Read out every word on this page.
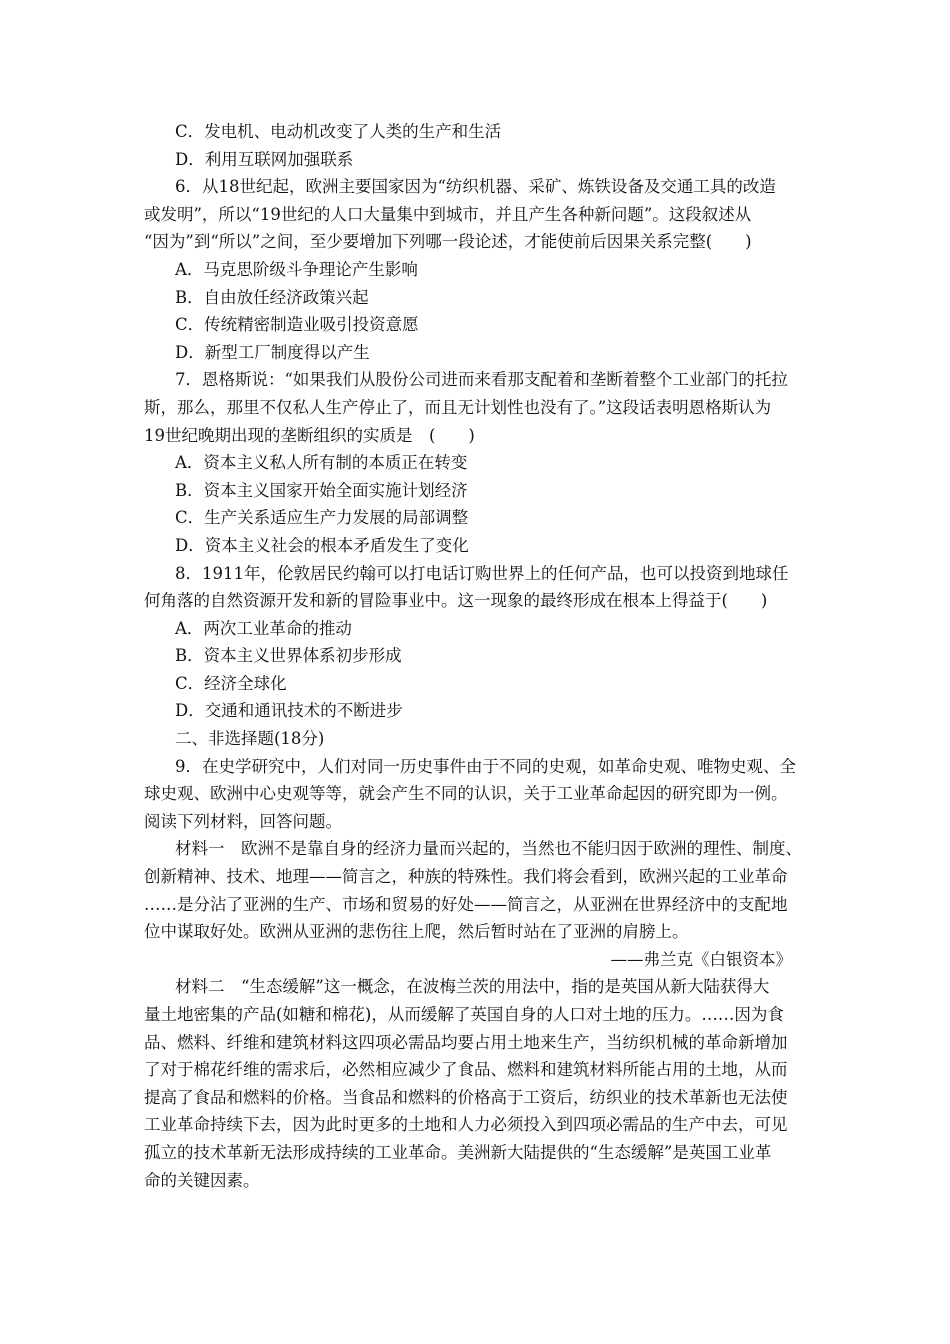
C．发电机、电动机改变了人类的生产和生活
D．利用互联网加强联系
6．从18世纪起，欧洲主要国家因为“纺织机器、采矿、炼铁设备及交通工具的改造
或发明”，所以“19世纪的人口大量集中到城市，并且产生各种新问题”。这段叙述从
“因为”到“所以”之间，至少要增加下列哪一段论述，才能使前后因果关系完整(　　)
A．马克思阶级斗争理论产生影响
B．自由放任经济政策兴起
C．传统精密制造业吸引投资意愿
D．新型工厂制度得以产生
7．恩格斯说：“如果我们从股份公司进而来看那支配着和垄断着整个工业部门的托拉
斯，那么，那里不仅私人生产停止了，而且无计划性也没有了。”这段话表明恩格斯认为
19世纪晚期出现的垄断组织的实质是　(　　)
A．资本主义私人所有制的本质正在转变
B．资本主义国家开始全面实施计划经济
C．生产关系适应生产力发展的局部调整
D．资本主义社会的根本矛盾发生了变化
8．1911年，伦敦居民约翰可以打电话订购世界上的任何产品，也可以投资到地球任
何角落的自然资源开发和新的冒险事业中。这一现象的最终形成在根本上得益于(　　)
A．两次工业革命的推动
B．资本主义世界体系初步形成
C．经济全球化
D．交通和通讯技术的不断进步
二、非选择题(18分)
9．在史学研究中，人们对同一历史事件由于不同的史观，如革命史观、唯物史观、全
球史观、欧洲中心史观等等，就会产生不同的认识，关于工业革命起因的研究即为一例。
阅读下列材料，回答问题。
材料一　欧洲不是靠自身的经济力量而兴起的，当然也不能归因于欧洲的理性、制度、
创新精神、技术、地理——简言之，种族的特殊性。我们将会看到，欧洲兴起的工业革命
……是分沾了亚洲的生产、市场和贸易的好处——简言之，从亚洲在世界经济中的支配地
位中谋取好处。欧洲从亚洲的悲伤往上爬，然后暂时站在了亚洲的肩膀上。
——弗兰克《白银资本》
材料二　“生态缓解”这一概念，在波梅兰茨的用法中，指的是英国从新大陆获得大
量土地密集的产品(如糖和棉花)，从而缓解了英国自身的人口对土地的压力。……因为食
品、燃料、纤维和建筑材料这四项必需品均要占用土地来生产，当纺织机械的革命新增加
了对于棉花纤维的需求后，必然相应减少了食品、燃料和建筑材料所能占用的土地，从而
提高了食品和燃料的价格。当食品和燃料的价格高于工资后，纺织业的技术革新也无法使
工业革命持续下去，因为此时更多的土地和人力必须投入到四项必需品的生产中去，可见
孤立的技术革新无法形成持续的工业革命。美洲新大陆提供的“生态缓解”是英国工业革
命的关键因素。
